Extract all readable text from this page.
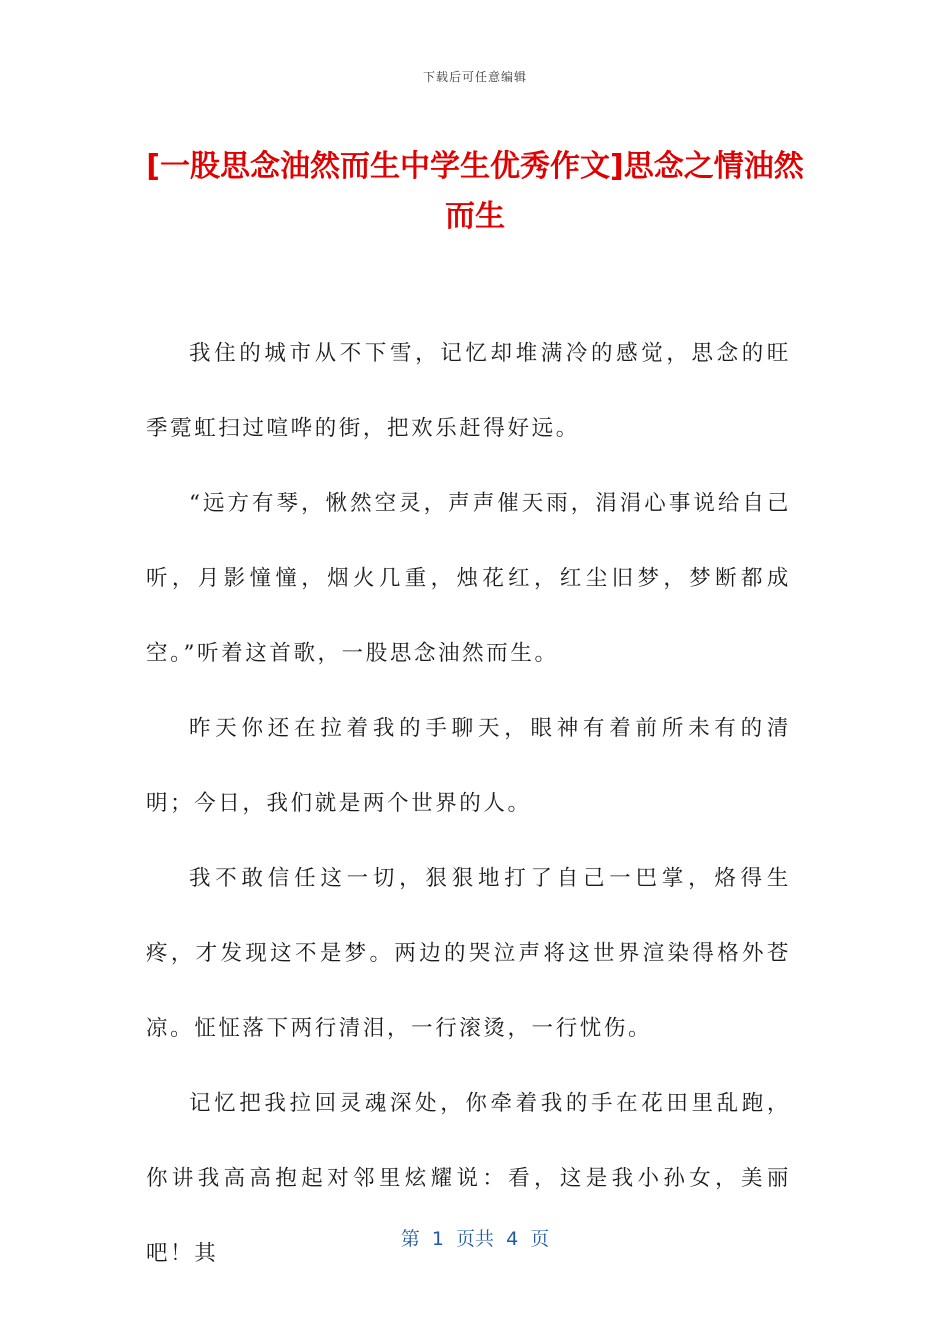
下载后可任意编辑
[一股思念油然而生中学生优秀作文]思念之情油然而生

我住的城市从不下雪，记忆却堆满冷的感觉，思念的旺季霓虹扫过喧哗的街，把欢乐赶得好远。

“远方有琴，愀然空灵，声声催天雨，涓涓心事说给自己听，月影憧憧，烟火几重，烛花红，红尘旧梦，梦断都成空。”听着这首歌，一股思念油然而生。

昨天你还在拉着我的手聊天，眼神有着前所未有的清明；今日，我们就是两个世界的人。

我不敢信任这一切，狠狠地打了自己一巴掌，烙得生疼，才发现这不是梦。两边的哭泣声将这世界渲染得格外苍凉。怔怔落下两行清泪，一行滚烫，一行忧伤。

记忆把我拉回灵魂深处，你牵着我的手在花田里乱跑，你讲我高高抱起对邻里炫耀说：看，这是我小孙女，美丽吧！其

第  1  页共  4  页
